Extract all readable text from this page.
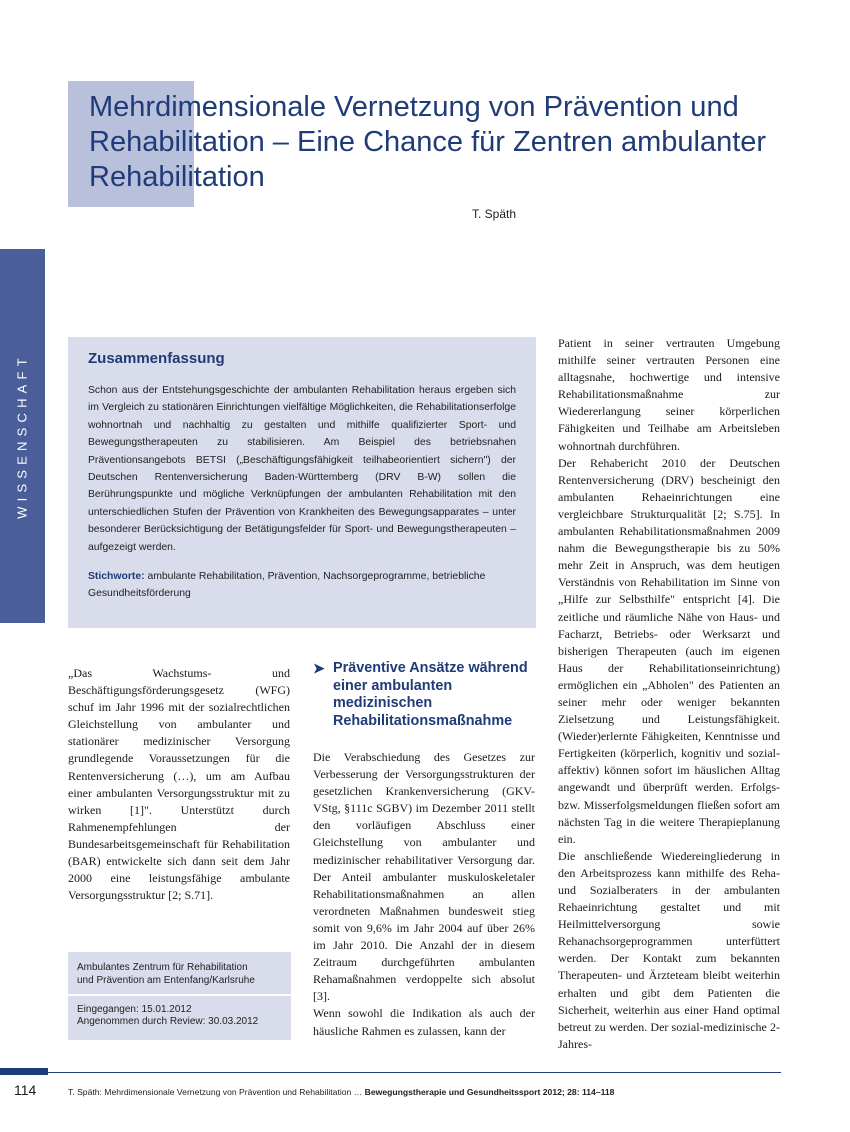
Mehrdimensionale Vernetzung von Prävention und Rehabilitation – Eine Chance für Zentren ambulanter Rehabilitation
T. Späth
WISSENSCHAFT	Zusammenfassung
Schon aus der Entstehungsgeschichte der ambulanten Rehabilitation heraus ergeben sich im Vergleich zu stationären Einrichtungen vielfältige Möglichkeiten, die Rehabilitationserfolge wohnortnah und nachhaltig zu gestalten und mithilfe qualifizierter Sport- und Bewegungstherapeuten zu stabilisieren. Am Beispiel des betriebsnahen Präventionsangebots BETSI („Beschäftigungsfähigkeit teilhabeorientiert sichern") der Deutschen Rentenversicherung Baden-Württemberg (DRV B-W) sollen die Berührungspunkte und mögliche Verknüpfungen der ambulanten Rehabilitation mit den unterschiedlichen Stufen der Prävention von Krankheiten des Bewegungsapparates – unter besonderer Berücksichtigung der Betätigungsfelder für Sport- und Bewegungstherapeuten – aufgezeigt werden.
Stichworte: ambulante Rehabilitation, Prävention, Nachsorgeprogramme, betriebliche Gesundheitsförderung

„Das Wachstums- und Beschäftigungsförderungsgesetz (WFG) schuf im Jahr 1996 mit der sozialrechtlichen Gleichstellung von ambulanter und stationärer medizinischer Versorgung grundlegende Voraussetzungen für die Rentenversicherung (…), um am Aufbau einer ambulanten Versorgungsstruktur mit zu wirken [1]". Unterstützt durch Rahmenempfehlungen der Bundesarbeitsgemeinschaft für Rehabilitation (BAR) entwickelte sich dann seit dem Jahr 2000 eine leistungsfähige ambulante Versorgungsstruktur [2; S.71].

➤ Präventive Ansätze während einer ambulanten medizinischen Rehabilitationsmaßnahme

Die Verabschiedung des Gesetzes zur Verbesserung der Versorgungsstrukturen der gesetzlichen Krankenversicherung (GKV-VStg, §111c SGBV) im Dezember 2011 stellt den vorläufigen Abschluss einer Gleichstellung von ambulanter und medizinischer rehabilitativer Versorgung dar. Der Anteil ambulanter muskuloskeletaler Rehabilitationsmaßnahmen an allen verordneten Maßnahmen bundesweit stieg somit von 9,6% im Jahr 2004 auf über 26% im Jahr 2010. Die Anzahl der in diesem Zeitraum durchgeführten ambulanten Rehamaßnahmen verdoppelte sich absolut [3].

Wenn sowohl die Indikation als auch der häusliche Rahmen es zulassen, kann der

Patient in seiner vertrauten Umgebung mithilfe seiner vertrauten Personen eine alltagsnahe, hochwertige und intensive Rehabilitationsmaßnahme zur Wiedererlangung seiner körperlichen Fähigkeiten und Teilhabe am Arbeitsleben wohnortnah durchführen.

Der Rehabericht 2010 der Deutschen Rentenversicherung (DRV) bescheinigt den ambulanten Rehaeinrichtungen eine vergleichbare Strukturqualität [2; S.75]. In ambulanten Rehabilitationsmaßnahmen 2009 nahm die Bewegungstherapie bis zu 50% mehr Zeit in Anspruch, was dem heutigen Verständnis von Rehabilitation im Sinne von „Hilfe zur Selbsthilfe" entspricht [4]. Die zeitliche und räumliche Nähe von Haus- und Facharzt, Betriebs- oder Werksarzt und bisherigen Therapeuten (auch im eigenen Haus der Rehabilitationseinrichtung) ermöglichen ein „Abholen" des Patienten an seiner mehr oder weniger bekannten Zielsetzung und Leistungsfähigkeit. (Wieder)erlernte Fähigkeiten, Kenntnisse und Fertigkeiten (körperlich, kognitiv und sozial-affektiv) können sofort im häuslichen Alltag angewandt und überprüft werden. Erfolgs- bzw. Misserfolgsmeldungen fließen sofort am nächsten Tag in die weitere Therapieplanung ein.

Die anschließende Wiedereingliederung in den Arbeitsprozess kann mithilfe des Reha- und Sozialberaters in der ambulanten Rehaeinrichtung gestaltet und mit Heilmittelversorgung sowie Rehanachsorgeprogrammen unterfüttert werden. Der Kontakt zum bekannten Therapeuten- und Ärzteteam bleibt weiterhin erhalten und gibt dem Patienten die Sicherheit, weiterhin aus einer Hand optimal betreut zu werden. Der sozial-medizinische 2-Jahres-

Ambulantes Zentrum für Rehabilitation
und Prävention am Entenfang/Karlsruhe
Eingegangen: 15.01.2012
Angenommen durch Review: 30.03.2012
114	T. Späth: Mehrdimensionale Vernetzung von Prävention und Rehabilitation … Bewegungstherapie und Gesundheitssport 2012; 28: 114–118
